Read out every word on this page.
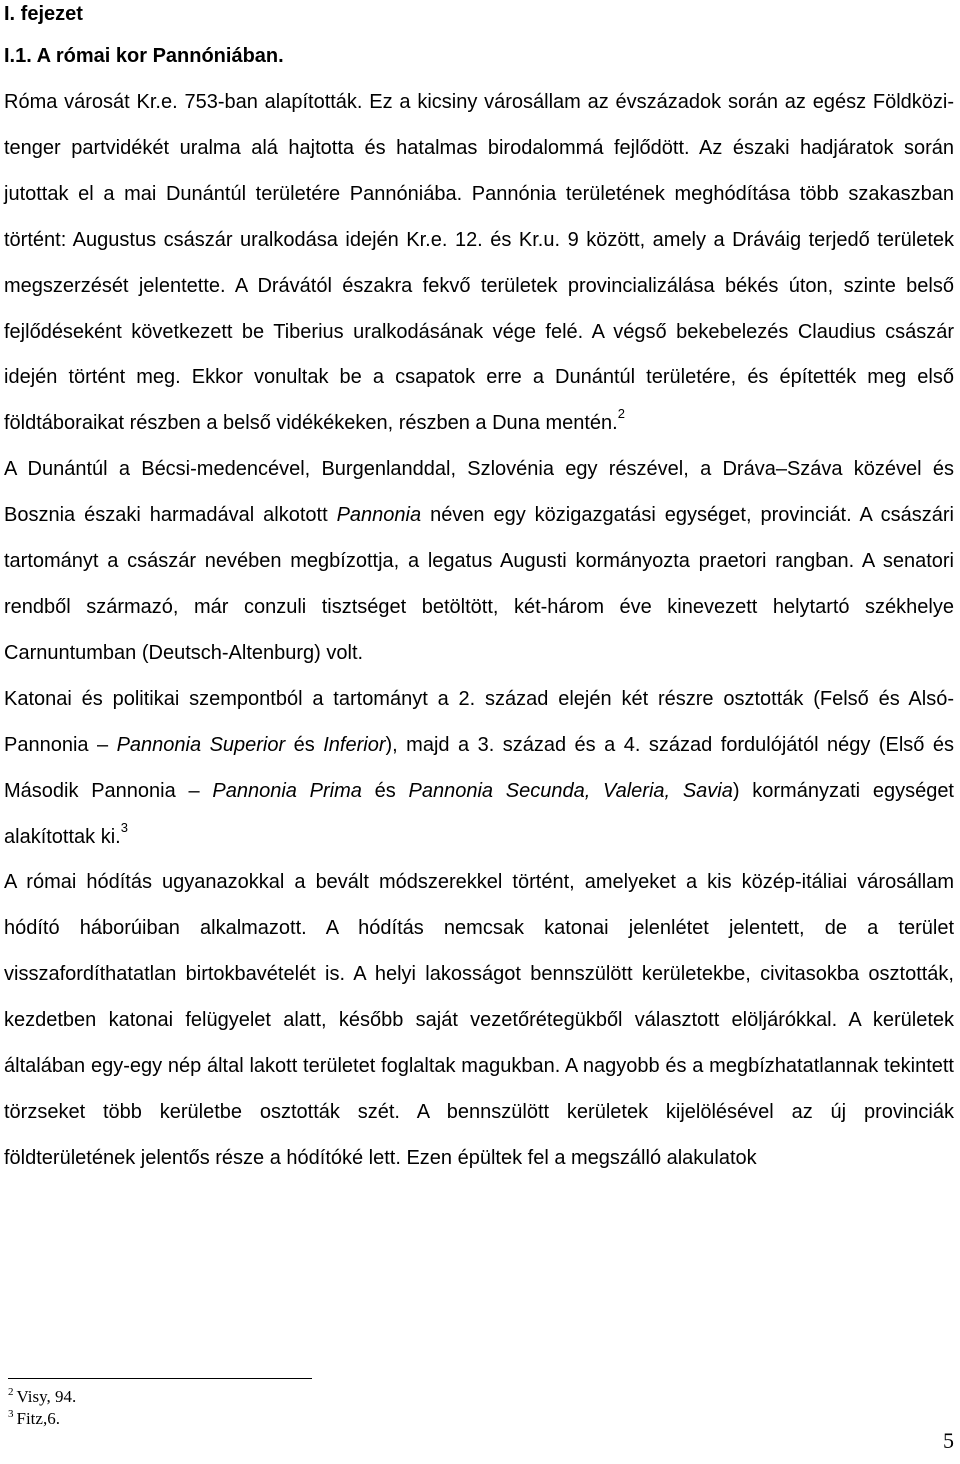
I. fejezet
I.1. A római kor Pannóniában.

Róma városát Kr.e. 753-ban alapították. Ez a kicsiny városállam az évszázadok során az egész Földközi-tenger partvidékét uralma alá hajtotta és hatalmas birodalommá fejlődött. Az északi hadjáratok során jutottak el a mai Dunántúl területére Pannóniába. Pannónia területének meghódítása több szakaszban történt: Augustus császár uralkodása idején Kr.e. 12. és Kr.u. 9 között, amely a Dráváig terjedő területek megszerzését jelentette. A Drávától északra fekvő területek provincializálása békés úton, szinte belső fejlődéseként következett be Tiberius uralkodásának vége felé. A végső bekebelezés Claudius császár idején történt meg. Ekkor vonultak be a csapatok erre a Dunántúl területére, és építették meg első földtáboraikat részben a belső vidékékeken, részben a Duna mentén.$^2$

A Dunántúl a Bécsi-medencével, Burgenlanddal, Szlovénia egy részével, a Dráva–Száva közével és Bosznia északi harmadával alkotott Pannonia néven egy közigazgatási egységet, provinciát. A császári tartományt a császár nevében megbízottja, a legatus Augusti kormányozta praetori rangban. A senatori rendből származó, már conzuli tisztséget betöltött, két-három éve kinevezett helytartó székhelye Carnuntumban (Deutsch-Altenburg) volt.

Katonai és politikai szempontból a tartományt a 2. század elején két részre osztották (Felső és Alsó-Pannonia – Pannonia Superior és Inferior), majd a 3. század és a 4. század fordulójától négy (Első és Második Pannonia – Pannonia Prima és Pannonia Secunda, Valeria, Savia) kormányzati egységet alakítottak ki.$^3$

A római hódítás ugyanazokkal a bevált módszerekkel történt, amelyeket a kis közép-itáliai városállam hódító háborúiban alkalmazott. A hódítás nemcsak katonai jelenlétet jelentett, de a terület visszafordíthatatlan birtokbavételét is. A helyi lakosságot bennszülött kerületekbe, civitasokba osztották, kezdetben katonai felügyelet alatt, később saját vezetőrétegükből választott elöljárókkal. A kerületek általában egy-egy nép által lakott területet foglaltak magukban. A nagyobb és a megbízhatatlannak tekintett törzseket több kerületbe osztották szét. A bennszülött kerületek kijelölésével az új provinciák földterületének jelentős része a hódítóké lett. Ezen épültek fel a megszálló alakulatok

$^2$ Visy, 94.
$^3$ Fitz,6.
5
